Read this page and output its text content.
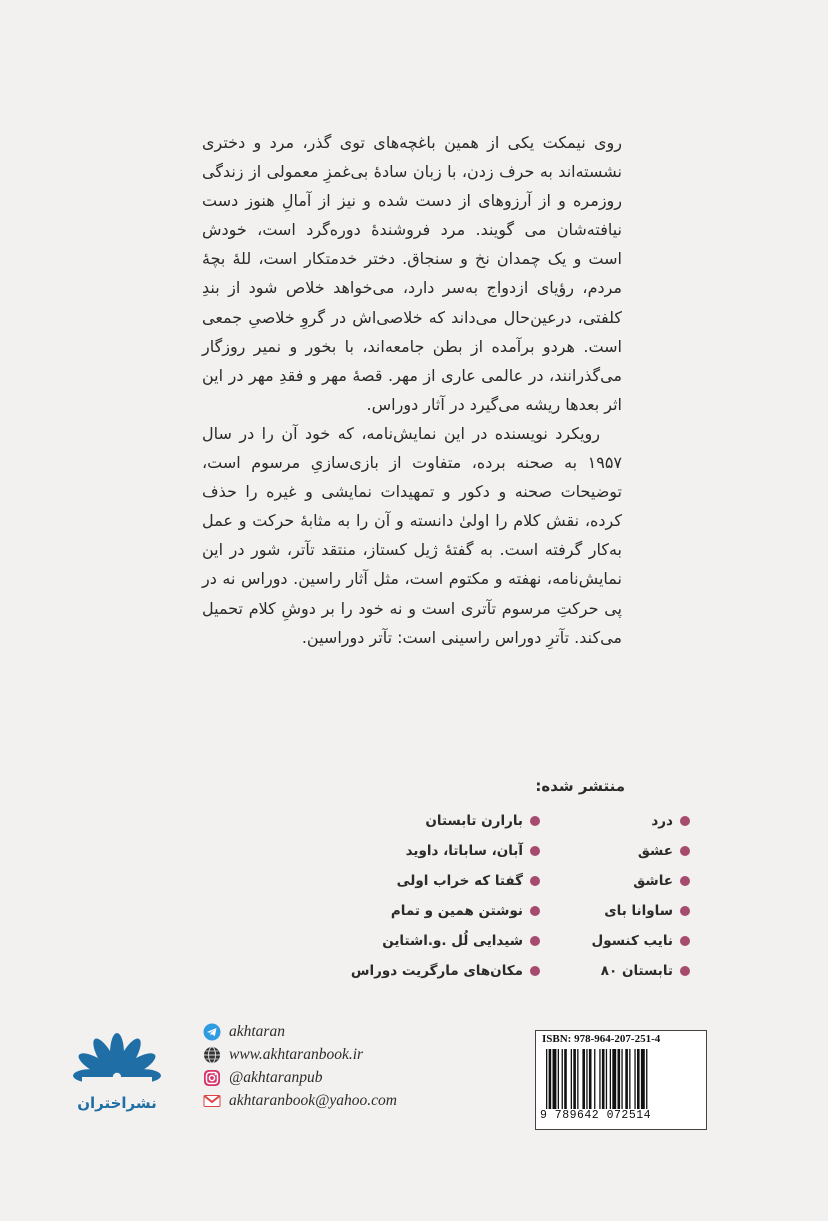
روی نیمکت یکی از همین باغچه‌های توی گذر، مرد و دختری نشسته‌اند به حرف زدن، با زبان سادهٔ بی‌غمزِ معمولی از زندگی روزمره و از آرزوهای از دست شده و نیز از آمالِ هنوز دست نیافته‌شان می گویند. مرد فروشندهٔ دوره‌گرد است، خودش است و یک چمدان نخ و سنجاق. دختر خدمتکار است، للهٔ بچهٔ مردم، رؤیای ازدواج به‌سر دارد، می‌خواهد خلاص شود از بندِ کلفتی، درعین‌حال می‌داند که خلاصی‌اش در گروِ خلاصیِ جمعی است. هردو برآمده از بطن جامعه‌اند، با بخور و نمیر روزگار می‌گذرانند، در عالمی عاری از مهر. قصهٔ مهر و فقدِ مهر در این اثر بعدها ریشه می‌گیرد در آثار دوراس.

رویکرد نویسنده در این نمایش‌نامه، که خود آن را در سال ۱۹۵۷ به صحنه برده، متفاوت از بازی‌سازیِ مرسوم است، توضیحات صحنه و دکور و تمهیدات نمایشی و غیره را حذف کرده، نقش کلام را اولیٰ دانسته و آن را به مثابهٔ حرکت و عمل به‌کار گرفته است. به گفتهٔ ژیل کستاز، منتقد تآتر، شور در این نمایش‌نامه، نهفته و مکتوم است، مثل آثار راسین. دوراس نه در پی حرکتِ مرسوم تآتری است و نه خود را بر دوشِ کلام تحمیل می‌کند. تآترِ دوراس راسینی است: تآتر دوراسین.

منتشر شده:
درد
بارارن تابستان
عشق
آبان، ساباتا، داوید
عاشق
گفتا که خراب اولی
ساوانا بای
نوشتن همین و تمام
نایب کنسول
شیدایی لُل .و.اشتاین
تابستان ۸۰
مکان‌های مارگریت دوراس
نشراختران
akhtaran
www.akhtaranbook.ir
@akhtaranpub
akhtaranbook@yahoo.com
ISBN: 978-964-207-251-4
9 789642 072514
